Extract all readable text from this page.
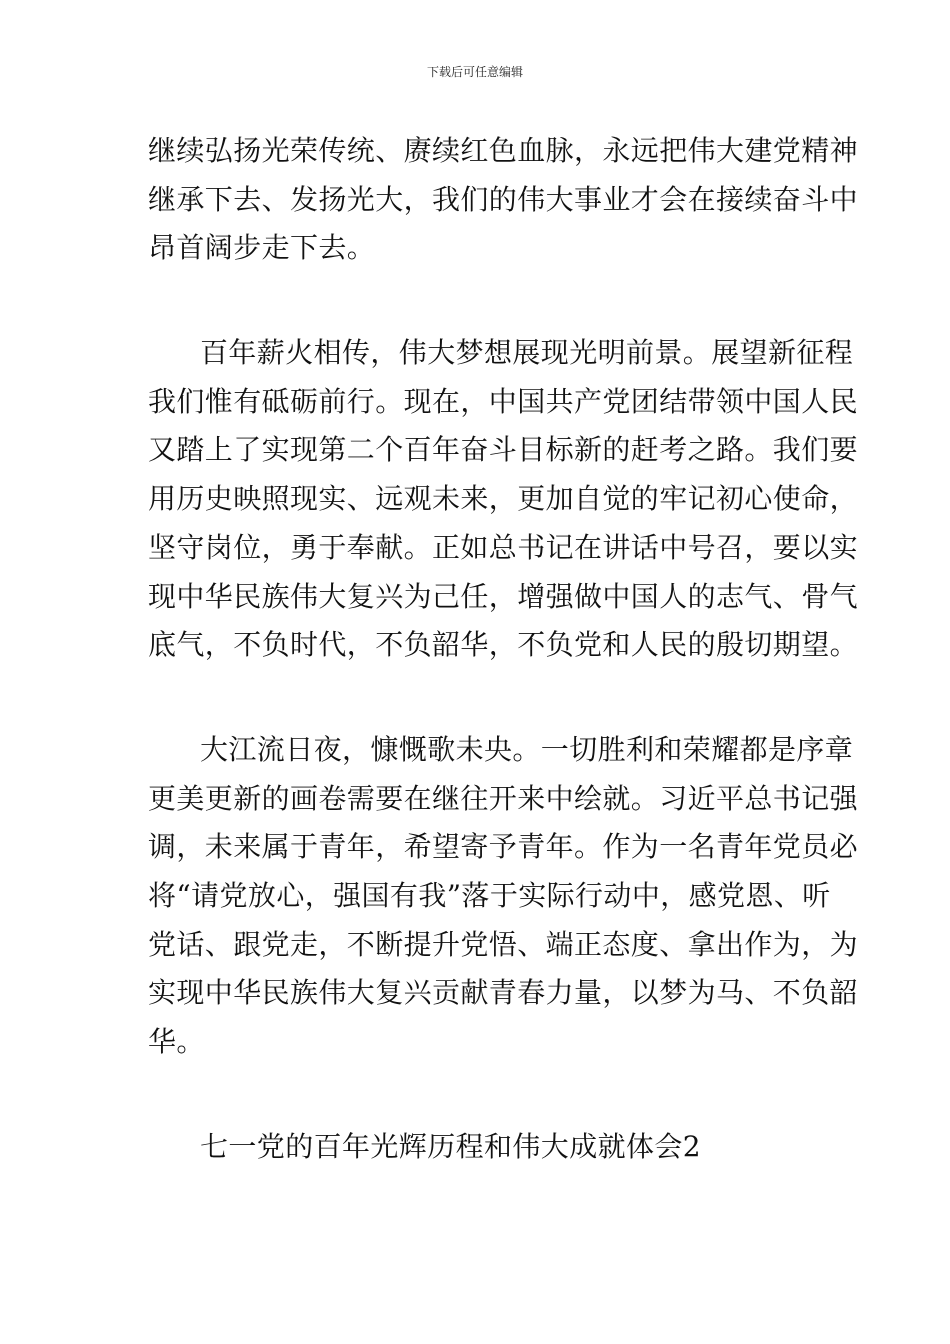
下载后可任意编辑
继续弘扬光荣传统、赓续红色血脉，永远把伟大建党精神
继承下去、发扬光大，我们的伟大事业才会在接续奋斗中
昂首阔步走下去。
百年薪火相传，伟大梦想展现光明前景。展望新征程
我们惟有砥砺前行。现在，中国共产党团结带领中国人民
又踏上了实现第二个百年奋斗目标新的赶考之路。我们要
用历史映照现实、远观未来，更加自觉的牢记初心使命，
坚守岗位，勇于奉献。正如总书记在讲话中号召，要以实
现中华民族伟大复兴为己任，增强做中国人的志气、骨气
底气，不负时代，不负韶华，不负党和人民的殷切期望。
大江流日夜，慷慨歌未央。一切胜利和荣耀都是序章
更美更新的画卷需要在继往开来中绘就。习近平总书记强
调，未来属于青年，希望寄予青年。作为一名青年党员必
将“请党放心，强国有我”落于实际行动中，感党恩、听
党话、跟党走，不断提升党悟、端正态度、拿出作为，为
实现中华民族伟大复兴贡献青春力量，以梦为马、不负韶
华。
七一党的百年光辉历程和伟大成就体会2
